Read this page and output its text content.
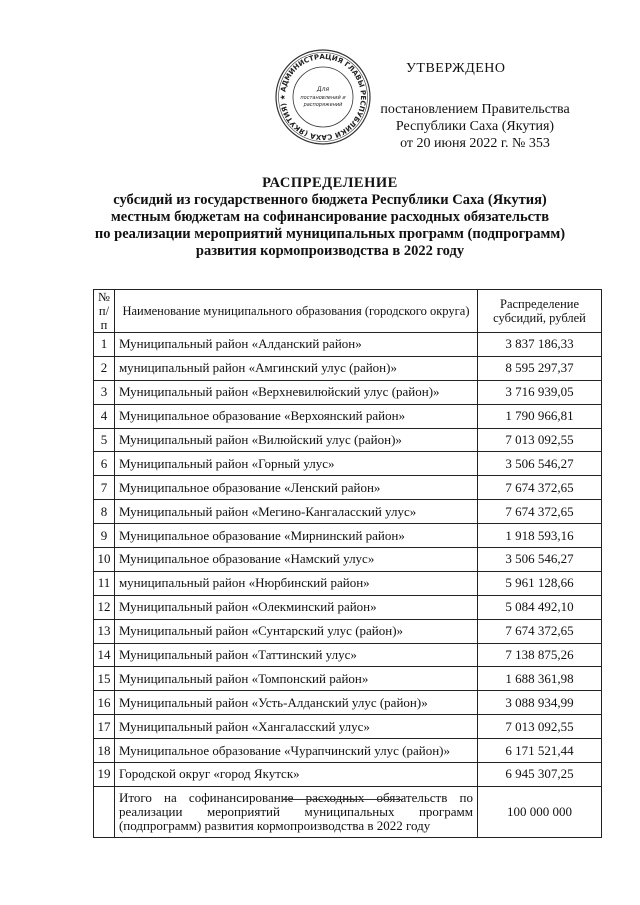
УТВЕРЖДЕНО
постановлением Правительства
Республики Саха (Якутия)
от 20 июня 2022 г. № 353
АДМИНИСТРАЦИЯ ГЛАВЫ РЕСПУБЛИКИ САХА (ЯКУТИЯ) ★
Для
постановлений и
распоряжений
РАСПРЕДЕЛЕНИЕ
субсидий из государственного бюджета Республики Саха (Якутия)
местным бюджетам на софинансирование расходных обязательств
по реализации мероприятий муниципальных программ (подпрограмм)
развития кормопроизводства в 2022 году
№ п/п	Наименование муниципального образования (городского округа)	Распределение субсидий, рублей
1	Муниципальный район «Алданский район»	3 837 186,33
2	муниципальный район «Амгинский улус (район)»	8 595 297,37
3	Муниципальный район «Верхневилюйский улус (район)»	3 716 939,05
4	Муниципальное образование «Верхоянский район»	1 790 966,81
5	Муниципальный район «Вилюйский улус (район)»	7 013 092,55
6	Муниципальный район «Горный улус»	3 506 546,27
7	Муниципальное образование «Ленский район»	7 674 372,65
8	Муниципальный район «Мегино-Кангаласский улус»	7 674 372,65
9	Муниципальное образование «Мирнинский район»	1 918 593,16
10	Муниципальное образование «Намский улус»	3 506 546,27
11	муниципальный район «Нюрбинский район»	5 961 128,66
12	Муниципальный район «Олекминский район»	5 084 492,10
13	Муниципальный район «Сунтарский улус (район)»	7 674 372,65
14	Муниципальный район «Таттинский улус»	7 138 875,26
15	Муниципальный район «Томпонский район»	1 688 361,98
16	Муниципальный район «Усть-Алданский улус (район)»	3 088 934,99
17	Муниципальный район «Хангаласский улус»	7 013 092,55
18	Муниципальное образование «Чурапчинский улус (район)»	6 171 521,44
19	Городской округ «город Якутск»	6 945 307,25
	Итого на софинансирование расходных обязательств по реализации мероприятий муниципальных программ (подпрограмм) развития кормопроизводства в 2022 году	100 000 000
